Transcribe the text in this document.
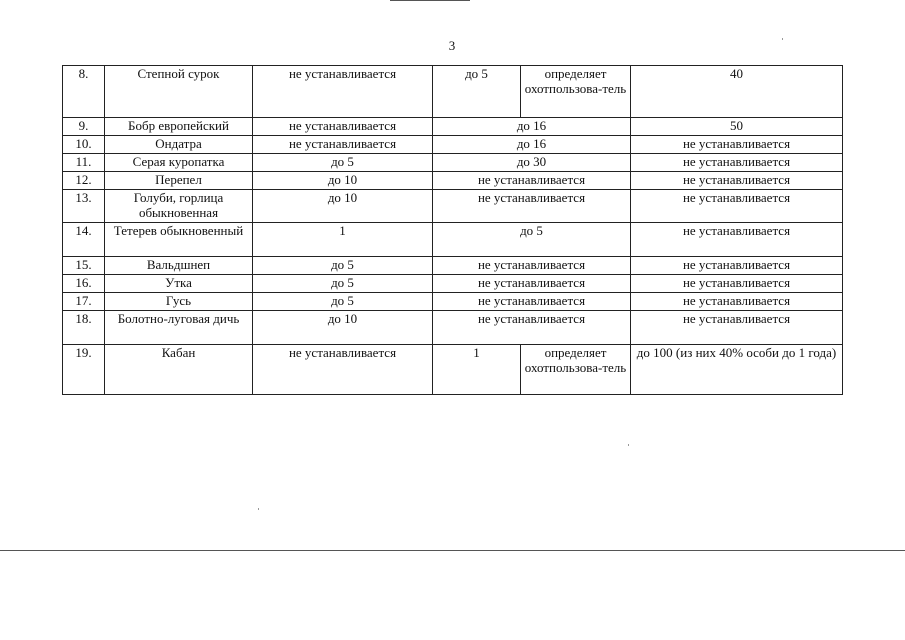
3
8.	Степной сурок	не устанавливается	до 5	определяет охотпользова-тель	40
9.	Бобр европейский	не устанавливается	до 16		50
10.	Ондатра	не устанавливается	до 16		не устанавливается
11.	Серая куропатка	до 5	до 30		не устанавливается
12.	Перепел	до 10	не устанавливается		не устанавливается
13.	Голуби, горлица обыкновенная	до 10	не устанавливается		не устанавливается
14.	Тетерев обыкновенный	1	до 5		не устанавливается
15.	Вальдшнеп	до 5	не устанавливается		не устанавливается
16.	Утка	до 5	не устанавливается		не устанавливается
17.	Гусь	до 5	не устанавливается		не устанавливается
18.	Болотно-луговая дичь	до 10	не устанавливается		не устанавливается
19.	Кабан	не устанавливается	1	определяет охотпользова-тель	до 100 (из них 40% особи до 1 года)
